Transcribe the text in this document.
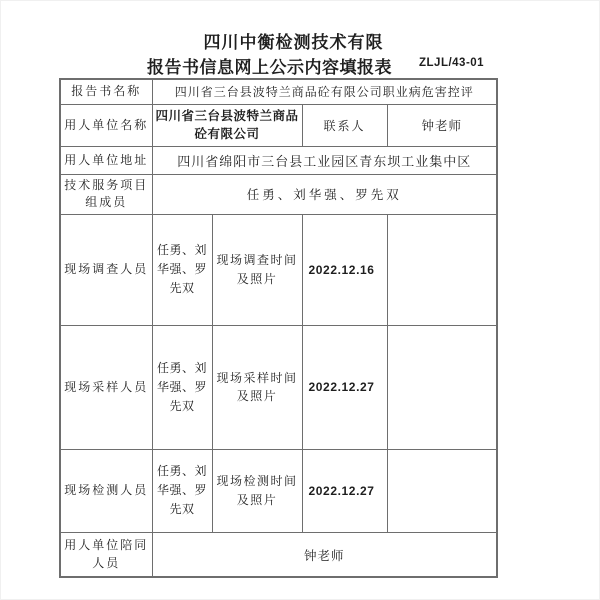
四川中衡检测技术有限
报告书信息网上公示内容填报表 ZLJL/43-01
报告书名称	四川省三台县波特兰商品砼有限公司职业病危害控评			
用人单位名称	四川省三台县波特兰商品砼有限公司		联系人	钟老师
用人单位地址	四川省绵阳市三台县工业园区青东坝工业集中区			
技术服务项目组成员	任勇、刘华强、罗先双			
现场调查人员	任勇、刘华强、罗先双	现场调查时间及照片	2022.12.16	
现场采样人员	任勇、刘华强、罗先双	现场采样时间及照片	2022.12.27	
现场检测人员	任勇、刘华强、罗先双	现场检测时间及照片	2022.12.27	
用人单位陪同人员	钟老师			
